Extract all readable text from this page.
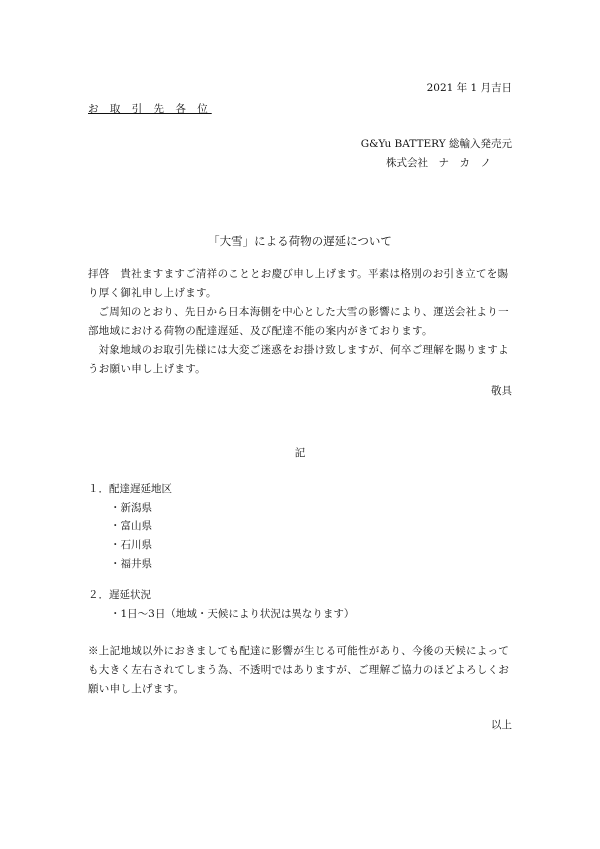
2021 年 1 月吉日
お 取 引 先 各 位
G&Yu BATTERY 総輸入発売元
株式会社　ナ　カ　ノ
「大雪」による荷物の遅延について
拝啓　貴社ますますご清祥のこととお慶び申し上げます。平素は格別のお引き立てを賜り厚く御礼申し上げます。
ご周知のとおり、先日から日本海側を中心とした大雪の影響により、運送会社より一部地域における荷物の配達遅延、及び配達不能の案内がきております。
対象地域のお取引先様には大変ご迷惑をお掛け致しますが、何卒ご理解を賜りますようお願い申し上げます。
敬具
記
１．配達遅延地区
・新潟県
・富山県
・石川県
・福井県
２．遅延状況
・1日～3日（地域・天候により状況は異なります）
※上記地域以外におきましても配達に影響が生じる可能性があり、今後の天候によっても大きく左右されてしまう為、不透明ではありますが、ご理解ご協力のほどよろしくお願い申し上げます。
以上
